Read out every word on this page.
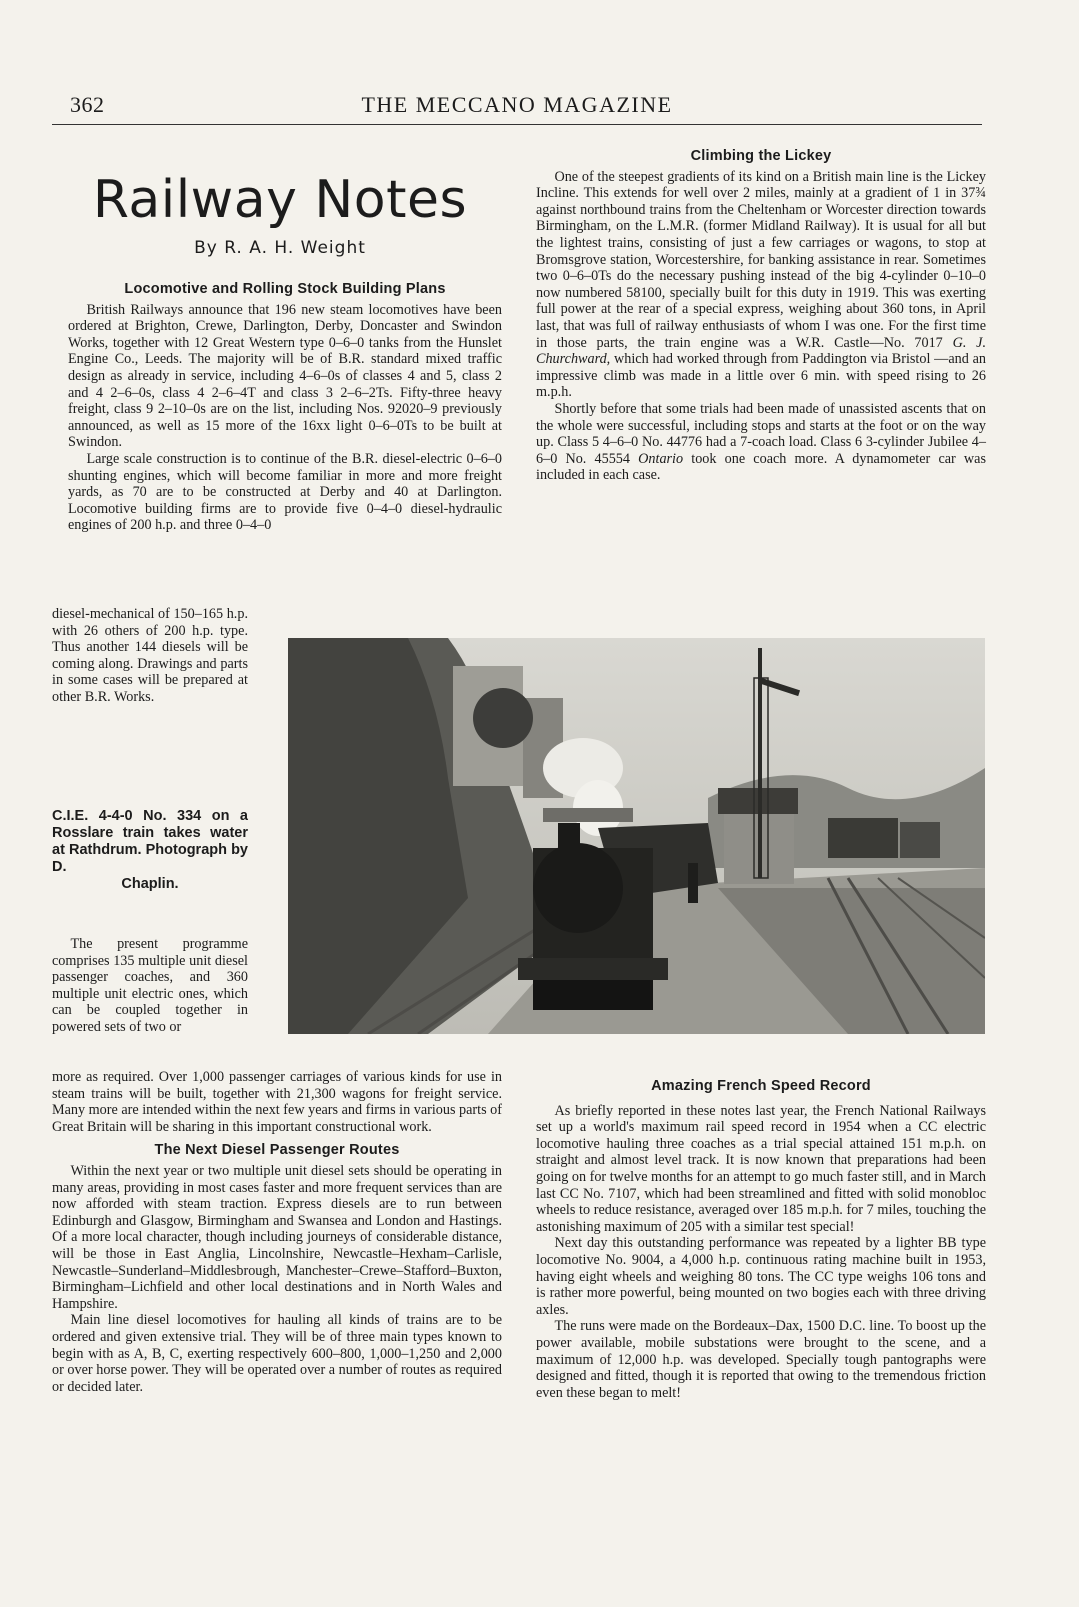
362	THE MECCANO MAGAZINE
Railway Notes
By R. A. H. Weight
Locomotive and Rolling Stock Building Plans

British Railways announce that 196 new steam locomotives have been ordered at Brighton, Crewe, Darlington, Derby, Doncaster and Swindon Works, together with 12 Great Western type 0–6–0 tanks from the Hunslet Engine Co., Leeds. The majority will be of B.R. standard mixed traffic design as already in service, including 4–6–0s of classes 4 and 5, class 2 and 4 2–6–0s, class 4 2–6–4T and class 3 2–6–2Ts. Fifty-three heavy freight, class 9 2–10–0s are on the list, including Nos. 92020–9 previously announced, as well as 15 more of the 16xx light 0–6–0Ts to be built at Swindon.

Large scale construction is to continue of the B.R. diesel-electric 0–6–0 shunting engines, which will become familiar in more and more freight yards, as 70 are to be constructed at Derby and 40 at Darlington. Locomotive building firms are to provide five 0–4–0 diesel-hydraulic engines of 200 h.p. and three 0–4–0

diesel-mechanical of 150–165 h.p. with 26 others of 200 h.p. type. Thus another 144 diesels will be coming along. Drawings and parts in some cases will be prepared at other B.R. Works.
C.I.E. 4-4-0 No. 334 on a Rosslare train takes water at Rathdrum. Photograph by D.
Chaplin.

The present programme comprises 135 multiple unit diesel passenger coaches, and 360 multiple unit electric ones, which can be coupled together in powered sets of two or

more as required. Over 1,000 passenger carriages of various kinds for use in steam trains will be built, together with 21,300 wagons for freight service. Many more are intended within the next few years and firms in various parts of Great Britain will be sharing in this important constructional work.

The Next Diesel Passenger Routes

Within the next year or two multiple unit diesel sets should be operating in many areas, providing in most cases faster and more frequent services than are now afforded with steam traction. Express diesels are to run between Edinburgh and Glasgow, Birmingham and Swansea and London and Hastings. Of a more local character, though including journeys of considerable distance, will be those in East Anglia, Lincolnshire, Newcastle–Hexham–Carlisle, Newcastle–Sunderland–Middlesbrough, Manchester–Crewe–Stafford–Buxton, Birmingham–Lichfield and other local destinations and in North Wales and Hampshire.

Main line diesel locomotives for hauling all kinds of trains are to be ordered and given extensive trial. They will be of three main types known to begin with as A, B, C, exerting respectively 600–800, 1,000–1,250 and 2,000 or over horse power. They will be operated over a number of routes as required or decided later.

Climbing the Lickey

One of the steepest gradients of its kind on a British main line is the Lickey Incline. This extends for well over 2 miles, mainly at a gradient of 1 in 37¾ against northbound trains from the Cheltenham or Worcester direction towards Birmingham, on the L.M.R. (former Midland Railway). It is usual for all but the lightest trains, consisting of just a few carriages or wagons, to stop at Bromsgrove station, Worcestershire, for banking assistance in rear. Sometimes two 0–6–0Ts do the necessary pushing instead of the big 4-cylinder 0–10–0 now numbered 58100, specially built for this duty in 1919. This was exerting full power at the rear of a special express, weighing about 360 tons, in April last, that was full of railway enthusiasts of whom I was one. For the first time in those parts, the train engine was a W.R. Castle—No. 7017 G. J. Churchward, which had worked through from Paddington via Bristol —and an impressive climb was made in a little over 6 min. with speed rising to 26 m.p.h.

Shortly before that some trials had been made of unassisted ascents that on the whole were successful, including stops and starts at the foot or on the way up. Class 5 4–6–0 No. 44776 had a 7-coach load. Class 6 3-cylinder Jubilee 4–6–0 No. 45554 Ontario took one coach more. A dynamometer car was included in each case.

Amazing French Speed Record

As briefly reported in these notes last year, the French National Railways set up a world's maximum rail speed record in 1954 when a CC electric locomotive hauling three coaches as a trial special attained 151 m.p.h. on straight and almost level track. It is now known that preparations had been going on for twelve months for an attempt to go much faster still, and in March last CC No. 7107, which had been streamlined and fitted with solid monobloc wheels to reduce resistance, averaged over 185 m.p.h. for 7 miles, touching the astonishing maximum of 205 with a similar test special!

Next day this outstanding performance was repeated by a lighter BB type locomotive No. 9004, a 4,000 h.p. continuous rating machine built in 1953, having eight wheels and weighing 80 tons. The CC type weighs 106 tons and is rather more powerful, being mounted on two bogies each with three driving axles.

The runs were made on the Bordeaux–Dax, 1500 D.C. line. To boost up the power available, mobile substations were brought to the scene, and a maximum of 12,000 h.p. was developed. Specially tough pantographs were designed and fitted, though it is reported that owing to the tremendous friction even these began to melt!
